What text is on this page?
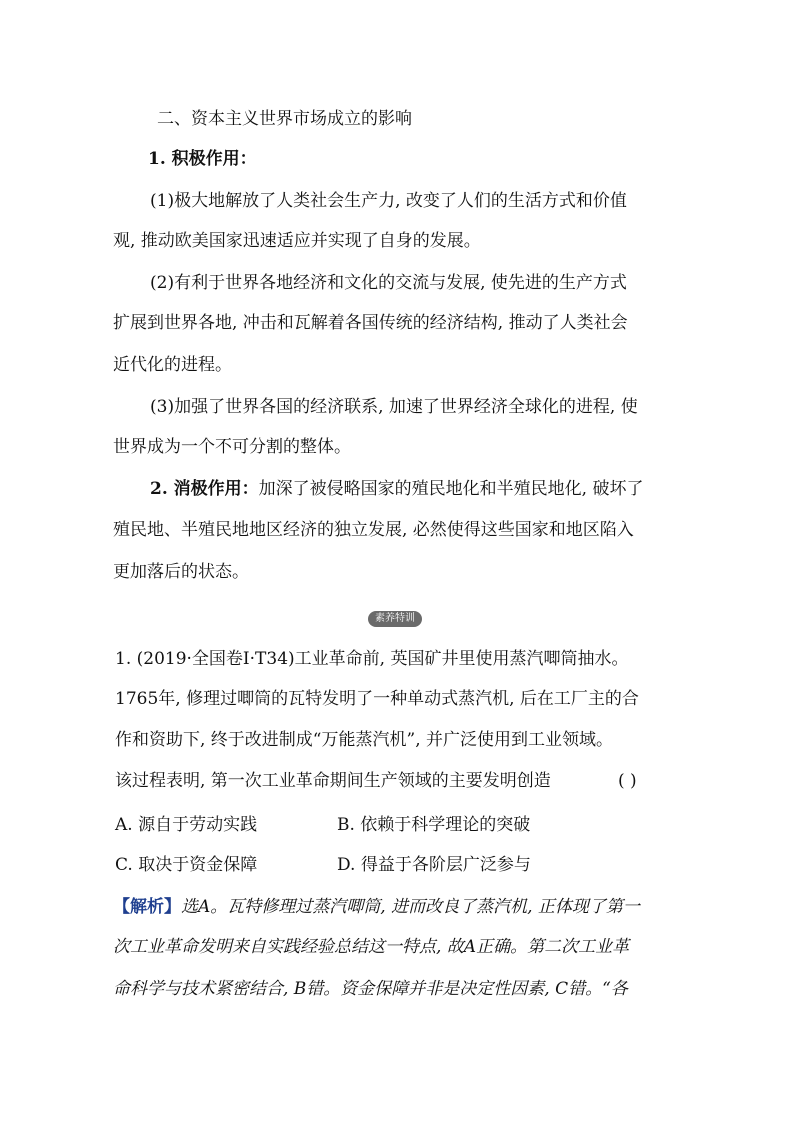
二、资本主义世界市场成立的影响
1. 积极作用：
(1)极大地解放了人类社会生产力, 改变了人们的生活方式和价值
观, 推动欧美国家迅速适应并实现了自身的发展。
(2)有利于世界各地经济和文化的交流与发展, 使先进的生产方式
扩展到世界各地, 冲击和瓦解着各国传统的经济结构, 推动了人类社会
近代化的进程。
(3)加强了世界各国的经济联系, 加速了世界经济全球化的进程, 使
世界成为一个不可分割的整体。
2. 消极作用：加深了被侵略国家的殖民地化和半殖民地化, 破坏了
殖民地、半殖民地地区经济的独立发展, 必然使得这些国家和地区陷入
更加落后的状态。
素养特训
1. (2019·全国卷Ⅰ·T34)工业革命前, 英国矿井里使用蒸汽唧筒抽水。
1765年, 修理过唧筒的瓦特发明了一种单动式蒸汽机, 后在工厂主的合
作和资助下, 终于改进制成“万能蒸汽机”, 并广泛使用到工业领域。
该过程表明, 第一次工业革命期间生产领域的主要发明创造	( )
A. 源自于劳动实践	B. 依赖于科学理论的突破
C. 取决于资金保障	D. 得益于各阶层广泛参与
【解析】选A。瓦特修理过蒸汽唧筒, 进而改良了蒸汽机, 正体现了第一
次工业革命发明来自实践经验总结这一特点, 故A正确。第二次工业革
命科学与技术紧密结合, B错。资金保障并非是决定性因素, C错。“各
